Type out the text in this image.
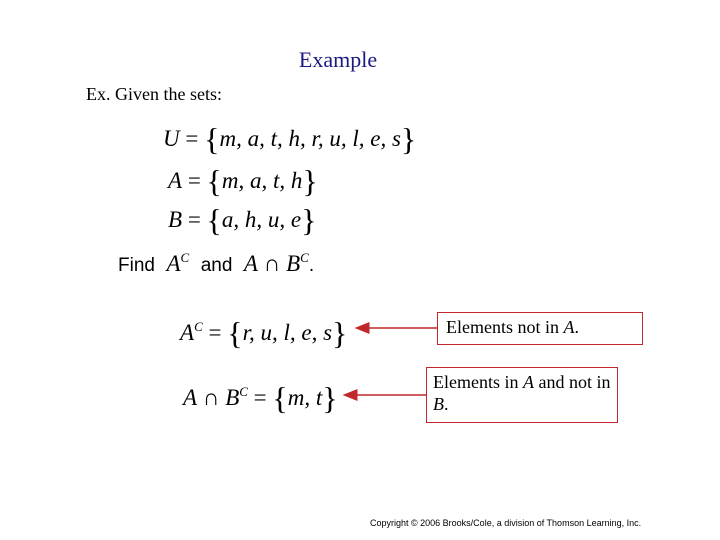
Example
Ex. Given the sets:
U = {m, a, t, h, r, u, l, e, s}
A = {m, a, t, h}
B = {a, h, u, e}
Find $A^C$ and A ∩ $B^C$.
$A^C = \{r$, u, l, e, s}
A ∩ $B^C = \{m$, t}
Elements not in A.
Elements in A and not in B.
Copyright © 2006 Brooks/Cole, a division of Thomson Learning, Inc.
